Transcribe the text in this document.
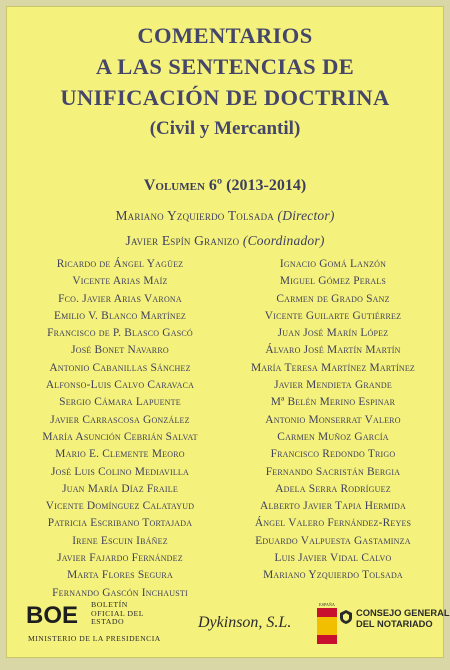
COMENTARIOS
A LAS SENTENCIAS DE
UNIFICACIÓN DE DOCTRINA
(Civil y Mercantil)
Volumen 6º (2013-2014)
Mariano Yzquierdo Tolsada (Director)
Javier Espín Granizo (Coordinador)
Ricardo de Ángel Yagüez
Vicente Arias Maíz
Fco. Javier Arias Varona
Emilio V. Blanco Martínez
Francisco de P. Blasco Gascó
José Bonet Navarro
Antonio Cabanillas Sánchez
Alfonso-Luis Calvo Caravaca
Sergio Cámara Lapuente
Javier Carrascosa González
María Asunción Cebrián Salvat
Mario E. Clemente Meoro
José Luis Colino Mediavilla
Juan María Díaz Fraile
Vicente Domínguez Calatayud
Patricia Escribano Tortajada
Irene Escuin Ibáñez
Javier Fajardo Fernández
Marta Flores Segura
Fernando Gascón Inchausti
Ignacio Gomá Lanzón
Miguel Gómez Perals
Carmen de Grado Sanz
Vicente Guilarte Gutiérrez
Juan José Marín López
Álvaro José Martín Martín
María Teresa Martínez Martínez
Javier Mendieta Grande
Mª Belén Merino Espinar
Antonio Monserrat Valero
Carmen Muñoz García
Francisco Redondo Trigo
Fernando Sacristán Bergia
Adela Serra Rodríguez
Alberto Javier Tapia Hermida
Ángel Valero Fernández-Reyes
Eduardo Valpuesta Gastaminza
Luis Javier Vidal Calvo
Mariano Yzquierdo Tolsada
BOE BOLETÍN
OFICIAL DEL
ESTADO
MINISTERIO DE LA PRESIDENCIA
Dykinson, S.L.
ESPAÑA
CONSEJO GENERAL
DEL NOTARIADO
